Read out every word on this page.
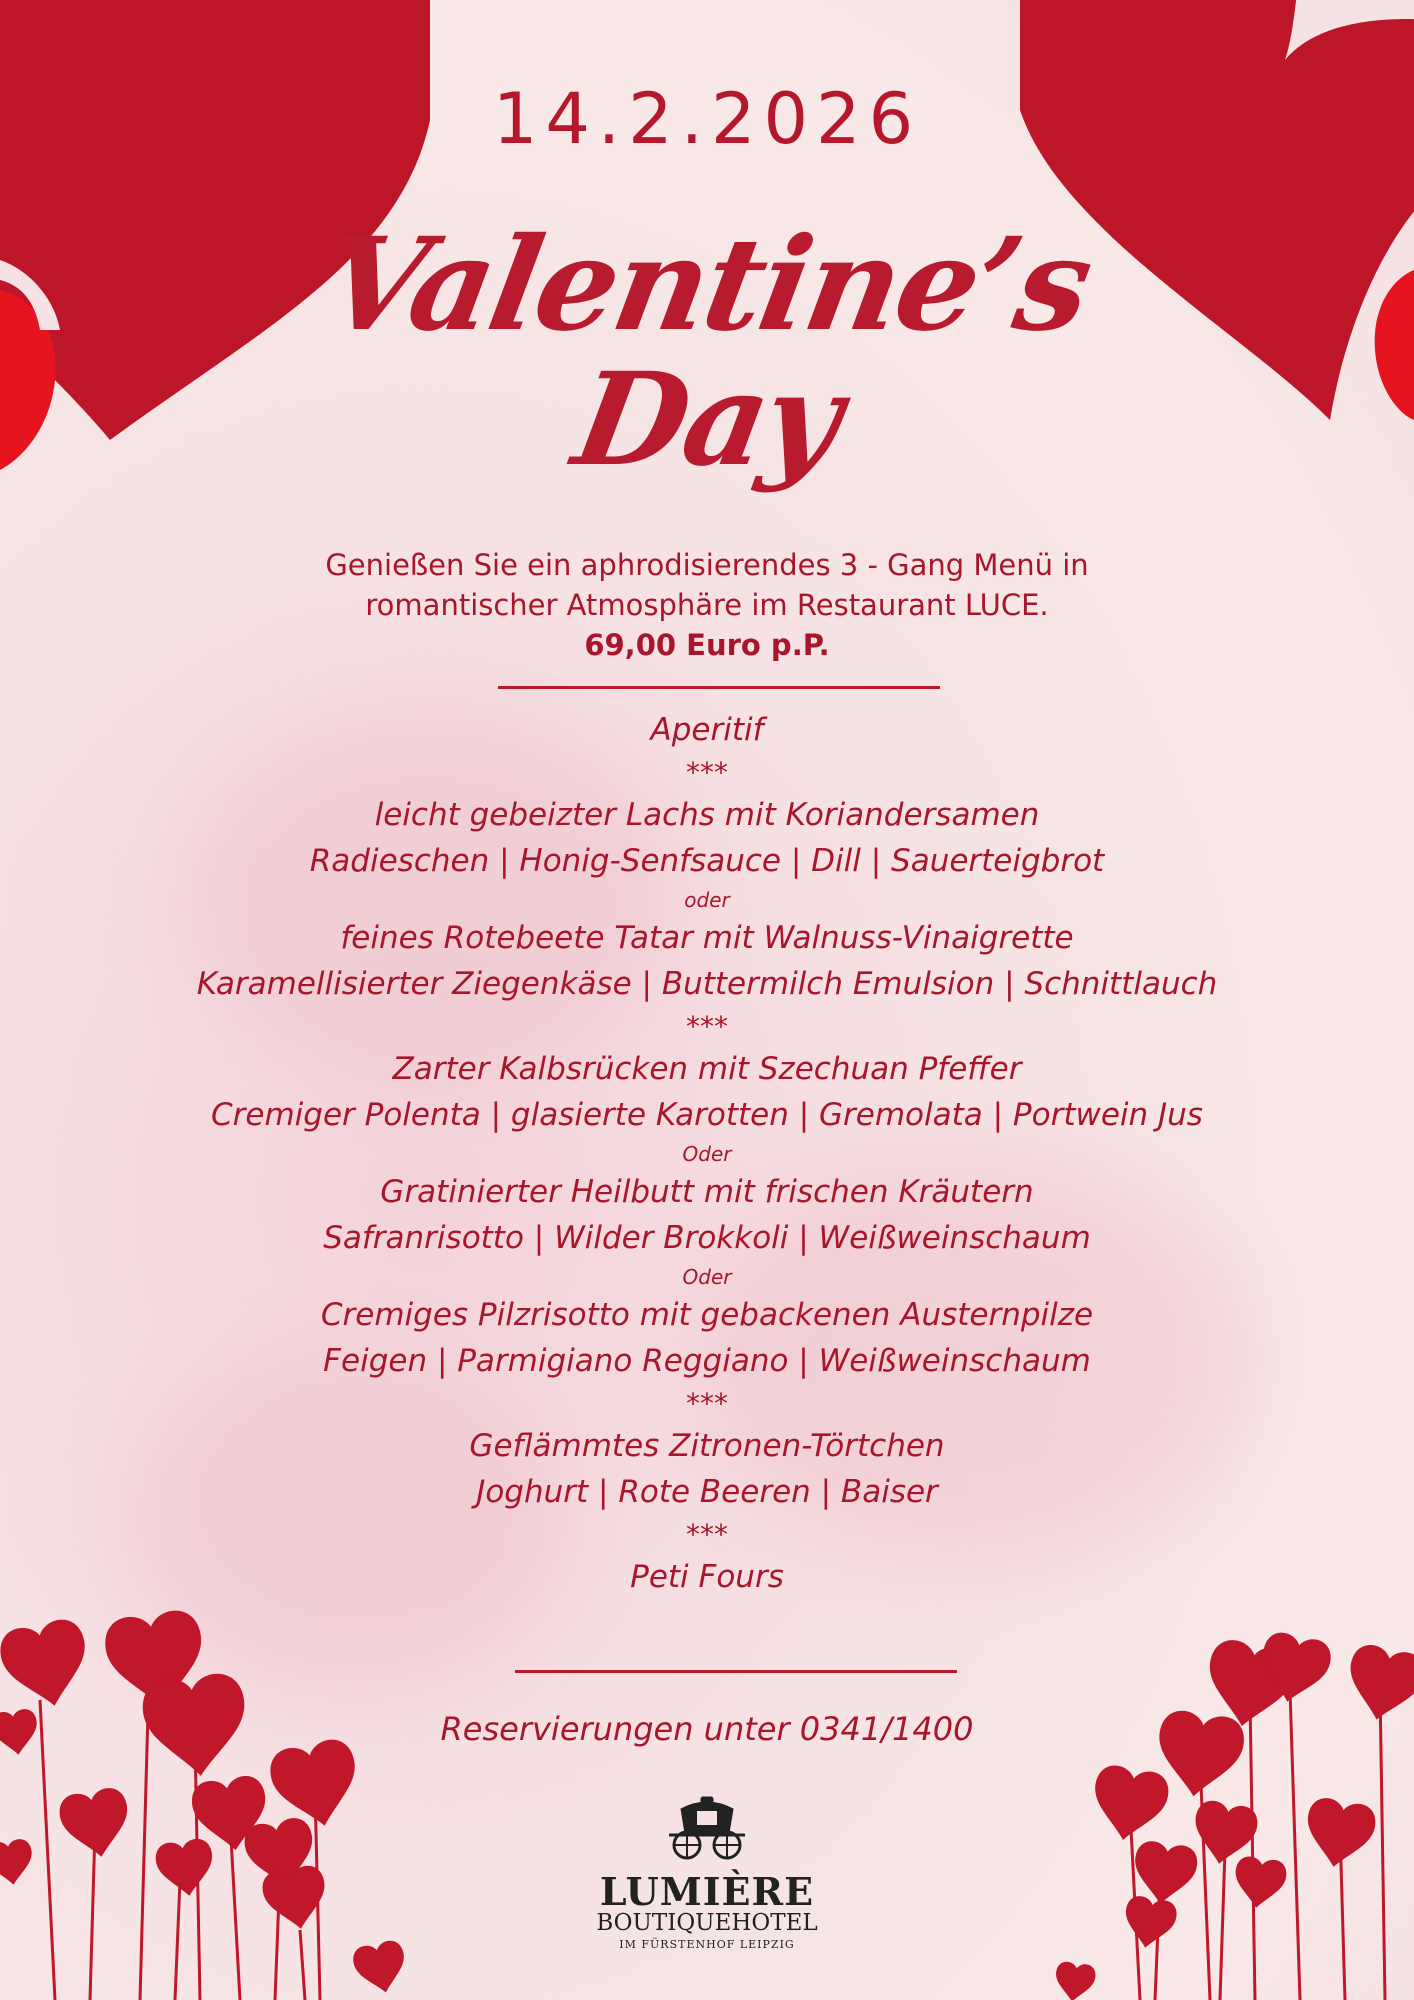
14.2.2026
Valentine’s
Day
Genießen Sie ein aphrodisierendes 3 - Gang Menü in
romantischer Atmosphäre im Restaurant LUCE.
69,00 Euro p.P.
Aperitif
***
leicht gebeizter Lachs mit Koriandersamen
Radieschen | Honig-Senfsauce | Dill | Sauerteigbrot
oder
feines Rotebeete Tatar mit Walnuss-Vinaigrette
Karamellisierter Ziegenkäse | Buttermilch Emulsion | Schnittlauch
***
Zarter Kalbsrücken mit Szechuan Pfeffer
Cremiger Polenta | glasierte Karotten | Gremolata | Portwein Jus
Oder
Gratinierter Heilbutt mit frischen Kräutern
Safranrisotto | Wilder Brokkoli | Weißweinschaum
Oder
Cremiges Pilzrisotto mit gebackenen Austernpilze
Feigen | Parmigiano Reggiano | Weißweinschaum
***
Geflämmtes Zitronen-Törtchen
Joghurt | Rote Beeren | Baiser
***
Peti Fours
Reservierungen unter 0341/1400
LUMIÈRE
BOUTIQUEHOTEL
IM FÜRSTENHOF LEIPZIG
